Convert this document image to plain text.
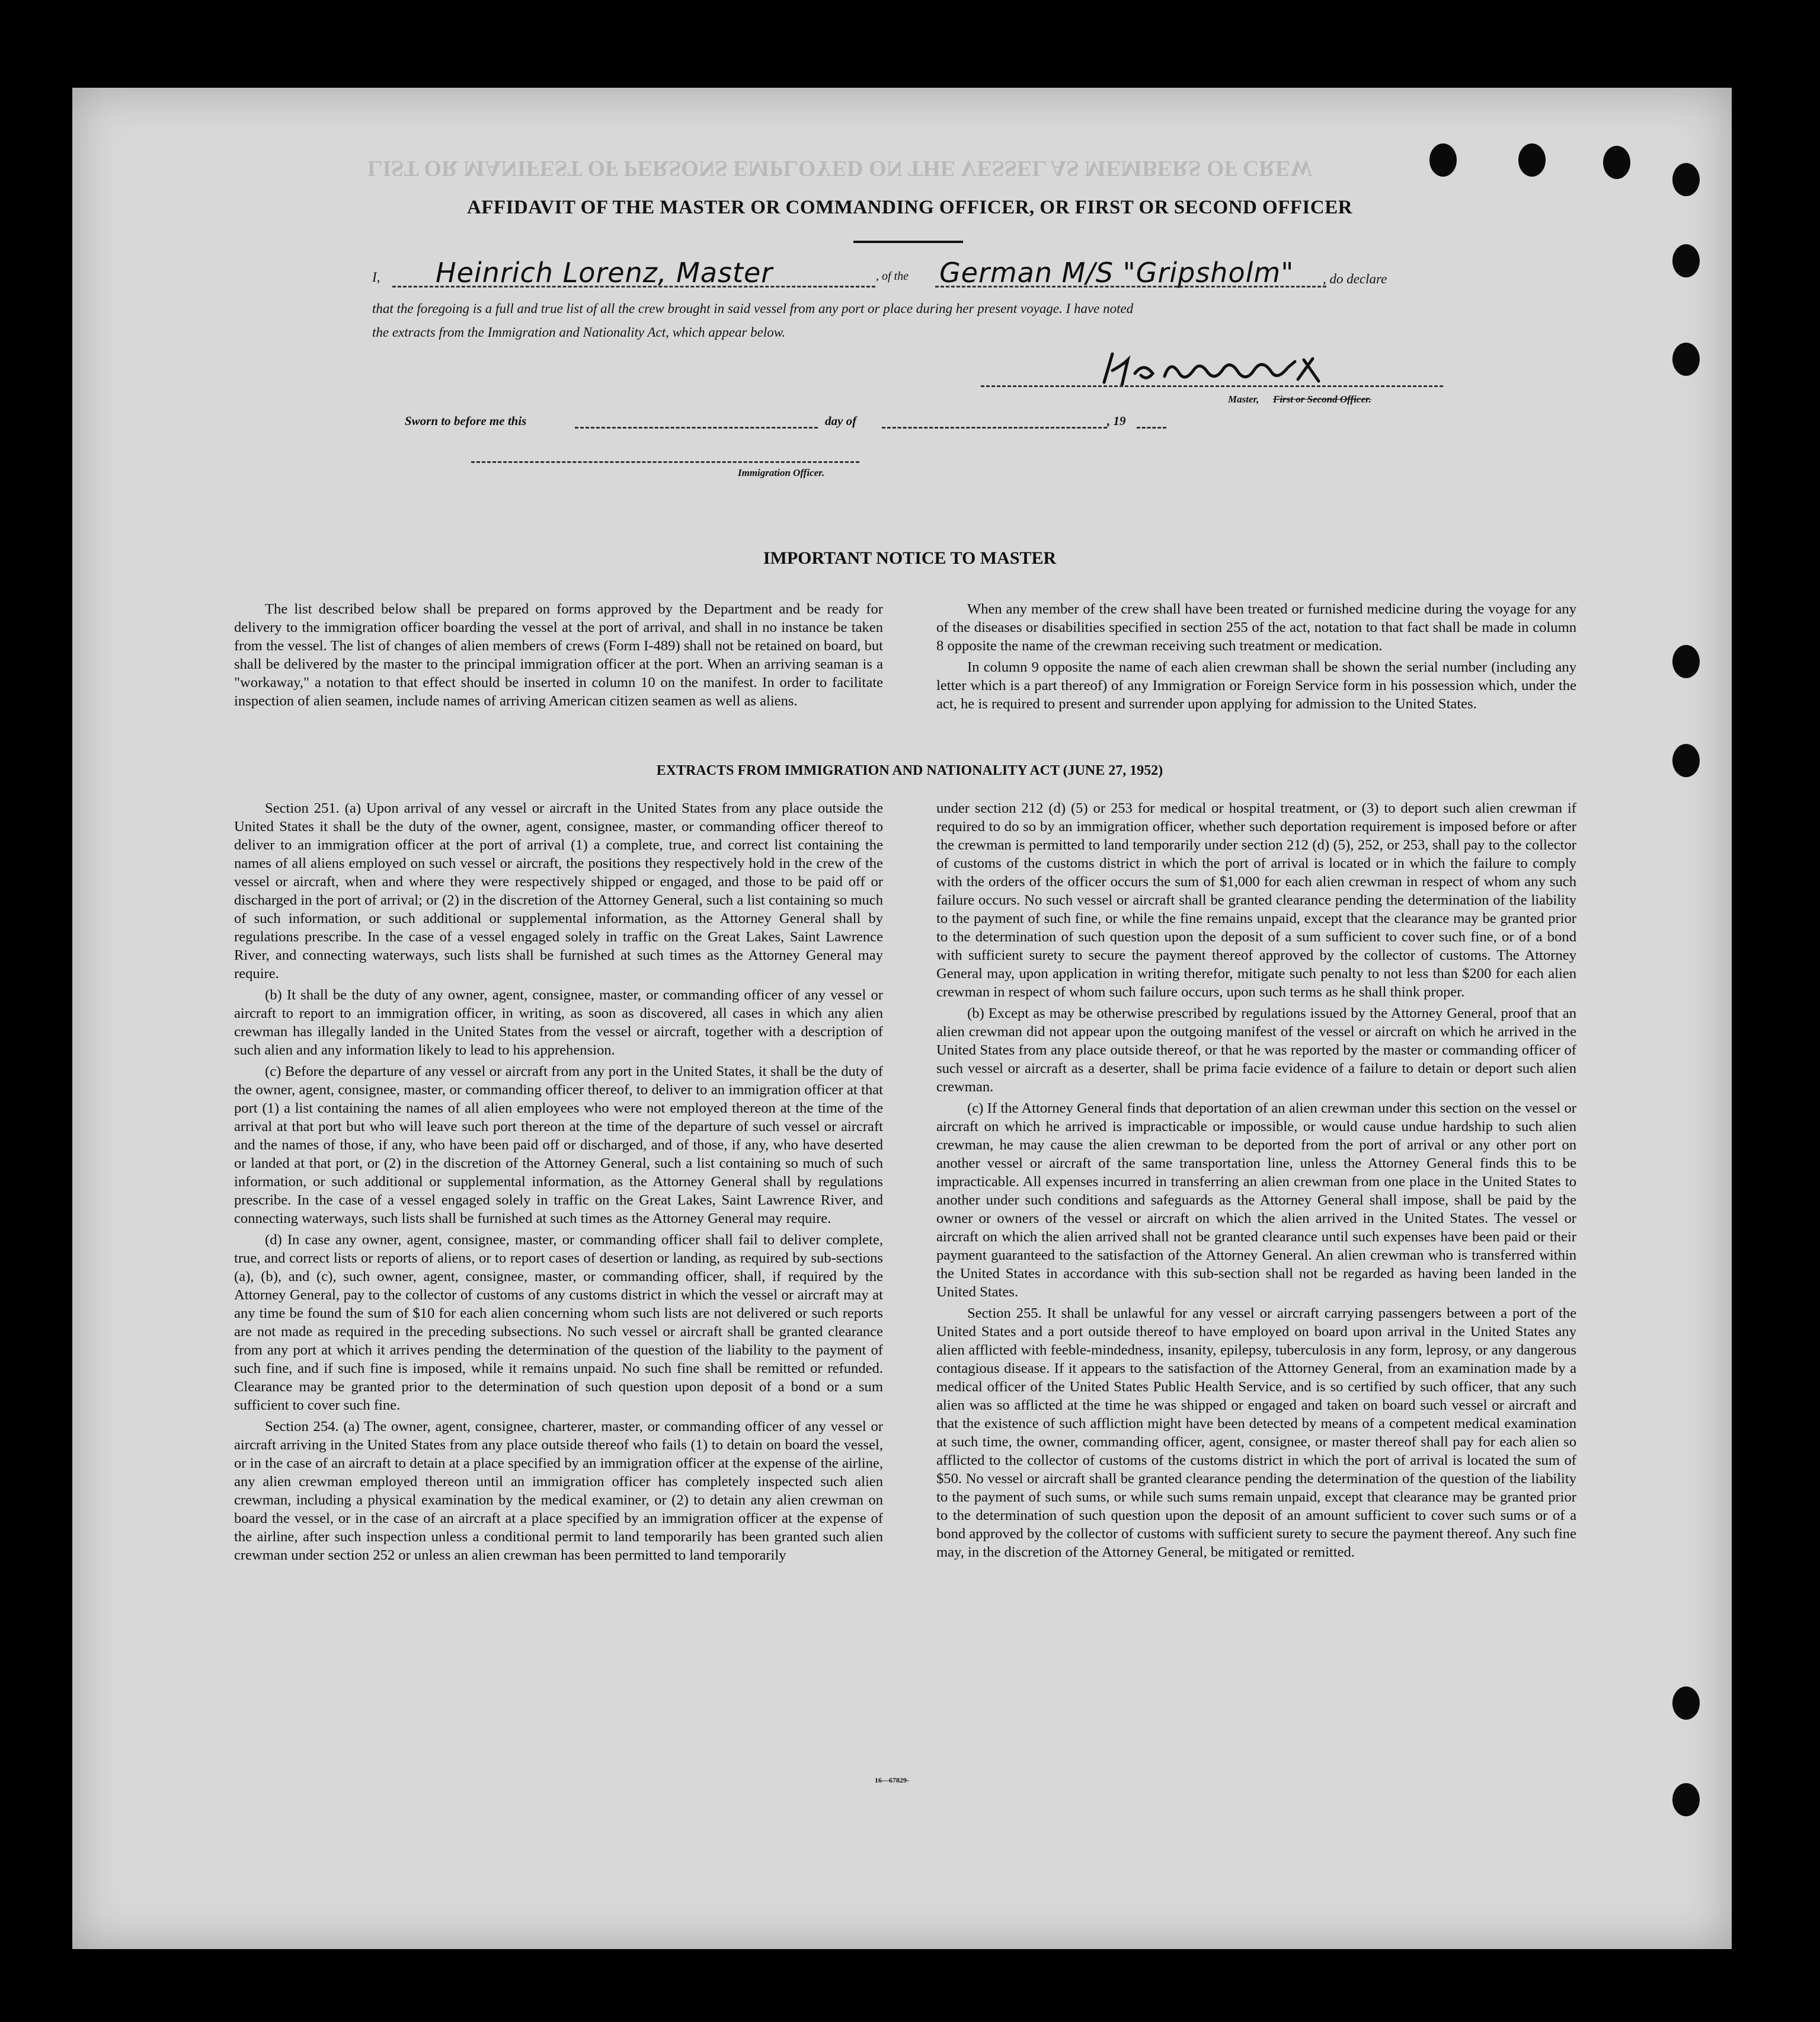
LIST OR MANIFEST OF PERSONS EMPLOYED ON THE VESSEL AS MEMBERS OF CREW
AFFIDAVIT OF THE MASTER OR COMMANDING OFFICER, OR FIRST OR SECOND OFFICER
I, Heinrich Lorenz, Master	, of the German M/S "Gripsholm" , do declare
that the foregoing is a full and true list of all the crew brought in said vessel from any port or place during her present voyage. I have noted
the extracts from the Immigration and Nationality Act, which appear below.
Master, First or Second Officer.
Sworn to before me this	day of	, 19
Immigration Officer.
IMPORTANT NOTICE TO MASTER

The list described below shall be prepared on forms approved by the Department and be ready for delivery to the immigration officer boarding the vessel at the port of arrival, and shall in no instance be taken from the vessel. The list of changes of alien members of crews (Form I-489) shall not be retained on board, but shall be delivered by the master to the principal immigration officer at the port. When an arriving seaman is a "workaway," a notation to that effect should be inserted in column 10 on the manifest. In order to facilitate inspection of alien seamen, include names of arriving American citizen seamen as well as aliens.

When any member of the crew shall have been treated or furnished medicine during the voyage for any of the diseases or disabilities specified in section 255 of the act, notation to that fact shall be made in column 8 opposite the name of the crewman receiving such treatment or medication.

In column 9 opposite the name of each alien crewman shall be shown the serial number (including any letter which is a part thereof) of any Immigration or Foreign Service form in his possession which, under the act, he is required to present and surrender upon applying for admission to the United States.

EXTRACTS FROM IMMIGRATION AND NATIONALITY ACT (JUNE 27, 1952)

Section 251. (a) Upon arrival of any vessel or aircraft in the United States from any place outside the United States it shall be the duty of the owner, agent, consignee, master, or commanding officer thereof to deliver to an immigration officer at the port of arrival (1) a complete, true, and correct list containing the names of all aliens employed on such vessel or aircraft, the positions they respectively hold in the crew of the vessel or aircraft, when and where they were respectively shipped or engaged, and those to be paid off or discharged in the port of arrival; or (2) in the discretion of the Attorney General, such a list containing so much of such information, or such additional or supplemental information, as the Attorney General shall by regulations prescribe. In the case of a vessel engaged solely in traffic on the Great Lakes, Saint Lawrence River, and connecting waterways, such lists shall be furnished at such times as the Attorney General may require.

(b) It shall be the duty of any owner, agent, consignee, master, or commanding officer of any vessel or aircraft to report to an immigration officer, in writing, as soon as discovered, all cases in which any alien crewman has illegally landed in the United States from the vessel or aircraft, together with a description of such alien and any information likely to lead to his apprehension.

(c) Before the departure of any vessel or aircraft from any port in the United States, it shall be the duty of the owner, agent, consignee, master, or commanding officer thereof, to deliver to an immigration officer at that port (1) a list containing the names of all alien employees who were not employed thereon at the time of the arrival at that port but who will leave such port thereon at the time of the departure of such vessel or aircraft and the names of those, if any, who have been paid off or discharged, and of those, if any, who have deserted or landed at that port, or (2) in the discretion of the Attorney General, such a list containing so much of such information, or such additional or supplemental information, as the Attorney General shall by regulations prescribe. In the case of a vessel engaged solely in traffic on the Great Lakes, Saint Lawrence River, and connecting waterways, such lists shall be furnished at such times as the Attorney General may require.

(d) In case any owner, agent, consignee, master, or commanding officer shall fail to deliver complete, true, and correct lists or reports of aliens, or to report cases of desertion or landing, as required by sub-sections (a), (b), and (c), such owner, agent, consignee, master, or commanding officer, shall, if required by the Attorney General, pay to the collector of customs of any customs district in which the vessel or aircraft may at any time be found the sum of $10 for each alien concerning whom such lists are not delivered or such reports are not made as required in the preceding subsections. No such vessel or aircraft shall be granted clearance from any port at which it arrives pending the determination of the question of the liability to the payment of such fine, and if such fine is imposed, while it remains unpaid. No such fine shall be remitted or refunded. Clearance may be granted prior to the determination of such question upon deposit of a bond or a sum sufficient to cover such fine.

Section 254. (a) The owner, agent, consignee, charterer, master, or commanding officer of any vessel or aircraft arriving in the United States from any place outside thereof who fails (1) to detain on board the vessel, or in the case of an aircraft to detain at a place specified by an immigration officer at the expense of the airline, any alien crewman employed thereon until an immigration officer has completely inspected such alien crewman, including a physical examination by the medical examiner, or (2) to detain any alien crewman on board the vessel, or in the case of an aircraft at a place specified by an immigration officer at the expense of the airline, after such inspection unless a conditional permit to land temporarily has been granted such alien crewman under section 252 or unless an alien crewman has been permitted to land temporarily

under section 212 (d) (5) or 253 for medical or hospital treatment, or (3) to deport such alien crewman if required to do so by an immigration officer, whether such deportation requirement is imposed before or after the crewman is permitted to land temporarily under section 212 (d) (5), 252, or 253, shall pay to the collector of customs of the customs district in which the port of arrival is located or in which the failure to comply with the orders of the officer occurs the sum of $1,000 for each alien crewman in respect of whom any such failure occurs. No such vessel or aircraft shall be granted clearance pending the determination of the liability to the payment of such fine, or while the fine remains unpaid, except that the clearance may be granted prior to the determination of such question upon the deposit of a sum sufficient to cover such fine, or of a bond with sufficient surety to secure the payment thereof approved by the collector of customs. The Attorney General may, upon application in writing therefor, mitigate such penalty to not less than $200 for each alien crewman in respect of whom such failure occurs, upon such terms as he shall think proper.

(b) Except as may be otherwise prescribed by regulations issued by the Attorney General, proof that an alien crewman did not appear upon the outgoing manifest of the vessel or aircraft on which he arrived in the United States from any place outside thereof, or that he was reported by the master or commanding officer of such vessel or aircraft as a deserter, shall be prima facie evidence of a failure to detain or deport such alien crewman.

(c) If the Attorney General finds that deportation of an alien crewman under this section on the vessel or aircraft on which he arrived is impracticable or impossible, or would cause undue hardship to such alien crewman, he may cause the alien crewman to be deported from the port of arrival or any other port on another vessel or aircraft of the same transportation line, unless the Attorney General finds this to be impracticable. All expenses incurred in transferring an alien crewman from one place in the United States to another under such conditions and safeguards as the Attorney General shall impose, shall be paid by the owner or owners of the vessel or aircraft on which the alien arrived in the United States. The vessel or aircraft on which the alien arrived shall not be granted clearance until such expenses have been paid or their payment guaranteed to the satisfaction of the Attorney General. An alien crewman who is transferred within the United States in accordance with this sub-section shall not be regarded as having been landed in the United States.

Section 255. It shall be unlawful for any vessel or aircraft carrying passengers between a port of the United States and a port outside thereof to have employed on board upon arrival in the United States any alien afflicted with feeble-mindedness, insanity, epilepsy, tuberculosis in any form, leprosy, or any dangerous contagious disease. If it appears to the satisfaction of the Attorney General, from an examination made by a medical officer of the United States Public Health Service, and is so certified by such officer, that any such alien was so afflicted at the time he was shipped or engaged and taken on board such vessel or aircraft and that the existence of such affliction might have been detected by means of a competent medical examination at such time, the owner, commanding officer, agent, consignee, or master thereof shall pay for each alien so afflicted to the collector of customs of the customs district in which the port of arrival is located the sum of $50. No vessel or aircraft shall be granted clearance pending the determination of the question of the liability to the payment of such sums, or while such sums remain unpaid, except that clearance may be granted prior to the determination of such question upon the deposit of an amount sufficient to cover such sums or of a bond approved by the collector of customs with sufficient surety to secure the payment thereof. Any such fine may, in the discretion of the Attorney General, be mitigated or remitted.

16—67829-
